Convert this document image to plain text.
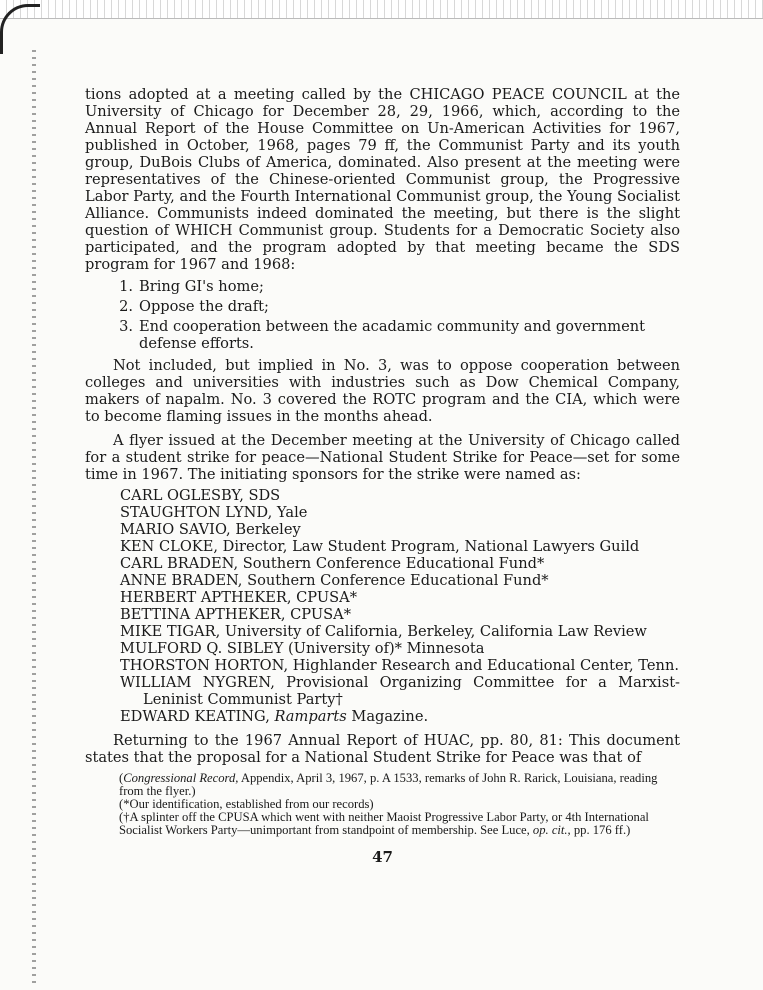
tions adopted at a meeting called by the CHICAGO PEACE COUNCIL at the University of Chicago for December 28, 29, 1966, which, according to the Annual Report of the House Committee on Un-American Activities for 1967, published in October, 1968, pages 79 ff, the Communist Party and its youth group, DuBois Clubs of America, dominated. Also present at the meeting were representatives of the Chinese-oriented Communist group, the Progressive Labor Party, and the Fourth International Communist group, the Young Socialist Alliance. Communists indeed dominated the meeting, but there is the slight question of WHICH Communist group. Students for a Democratic Society also participated, and the program adopted by that meeting became the SDS program for 1967 and 1968:

1. Bring GI's home;
2. Oppose the draft;
3. End cooperation between the acadamic community and government defense efforts.

Not included, but implied in No. 3, was to oppose cooperation between colleges and universities with industries such as Dow Chemical Company, makers of napalm. No. 3 covered the ROTC program and the CIA, which were to become flaming issues in the months ahead.

A flyer issued at the December meeting at the University of Chicago called for a student strike for peace—National Student Strike for Peace—set for some time in 1967. The initiating sponsors for the strike were named as:

CARL OGLESBY, SDS
STAUGHTON LYND, Yale
MARIO SAVIO, Berkeley
KEN CLOKE, Director, Law Student Program, National Lawyers Guild
CARL BRADEN, Southern Conference Educational Fund*
ANNE BRADEN, Southern Conference Educational Fund*
HERBERT APTHEKER, CPUSA*
BETTINA APTHEKER, CPUSA*
MIKE TIGAR, University of California, Berkeley, California Law Review
MULFORD Q. SIBLEY (University of)* Minnesota
THORSTON HORTON, Highlander Research and Educational Center, Tenn.
WILLIAM NYGREN, Provisional Organizing Committee for a Marxist-Leninist Communist Party†
EDWARD KEATING, Ramparts Magazine.

Returning to the 1967 Annual Report of HUAC, pp. 80, 81: This document states that the proposal for a National Student Strike for Peace was that of

(Congressional Record, Appendix, April 3, 1967, p. A 1533, remarks of John R. Rarick, Louisiana, reading from the flyer.)
(*Our identification, established from our records)
(†A splinter off the CPUSA which went with neither Maoist Progressive Labor Party, or 4th International Socialist Workers Party—unimportant from standpoint of membership. See Luce, op. cit., pp. 176 ff.)
47
